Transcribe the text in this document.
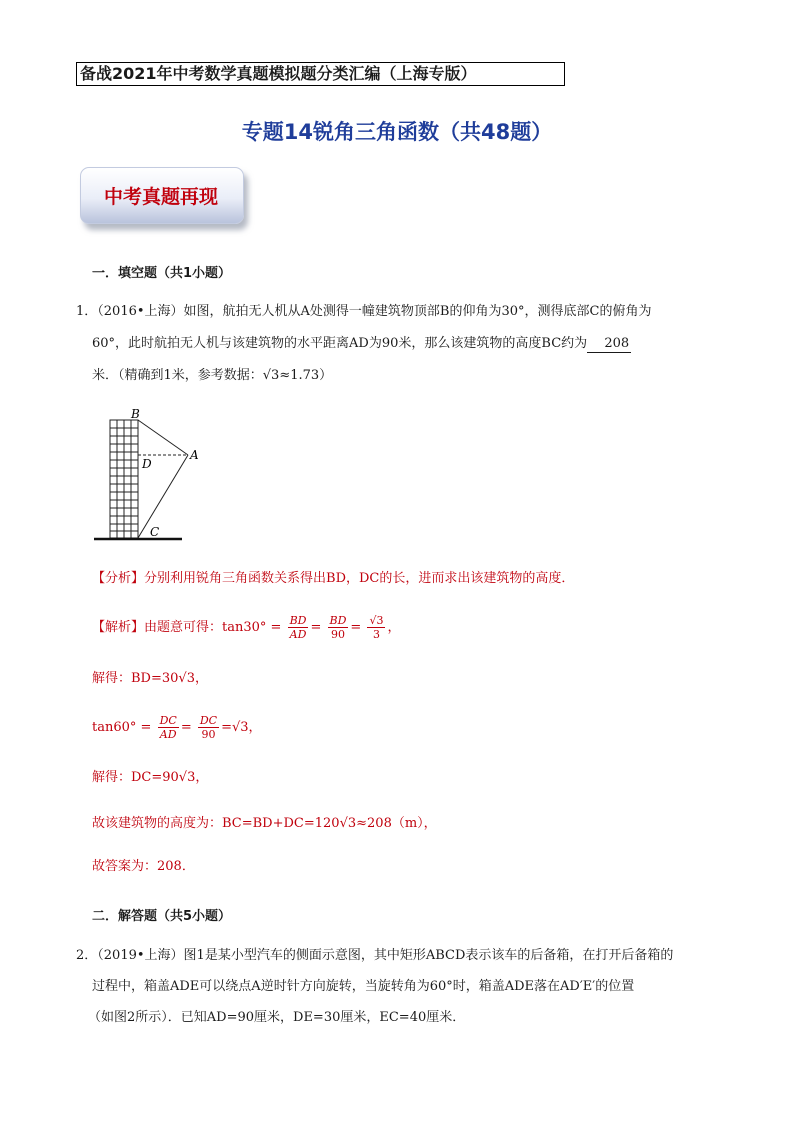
备战2021年中考数学真题模拟题分类汇编（上海专版）
专题14锐角三角函数（共48题）
中考真题再现
一．填空题（共1小题）
1．（2016•上海）如图，航拍无人机从A处测得一幢建筑物顶部B的仰角为30°，测得底部C的俯角为
60°，此时航拍无人机与该建筑物的水平距离AD为90米，那么该建筑物的高度BC约为 208
米．（精确到1米，参考数据：√3≈1.73）
B
D
A
C
【分析】分别利用锐角三角函数关系得出BD，DC的长，进而求出该建筑物的高度．
【解析】由题意可得：$\tan 30^\circ = \frac{BD}{AD} = \frac{BD}{90} = \frac{√3}{3}$ ，
解得：BD=30√3，
$\tan 60^\circ = \frac{DC}{AD} = \frac{DC}{90} =√3$，
解得：DC=90√3，
故该建筑物的高度为：BC=BD+DC=120√3≈208（m），
故答案为：208．
二．解答题（共5小题）
2．（2019•上海）图1是某小型汽车的侧面示意图，其中矩形ABCD表示该车的后备箱，在打开后备箱的
过程中，箱盖ADE可以绕点A逆时针方向旋转，当旋转角为60°时，箱盖ADE落在AD′E′的位置
（如图2所示）．已知AD=90厘米，DE=30厘米，EC=40厘米．
